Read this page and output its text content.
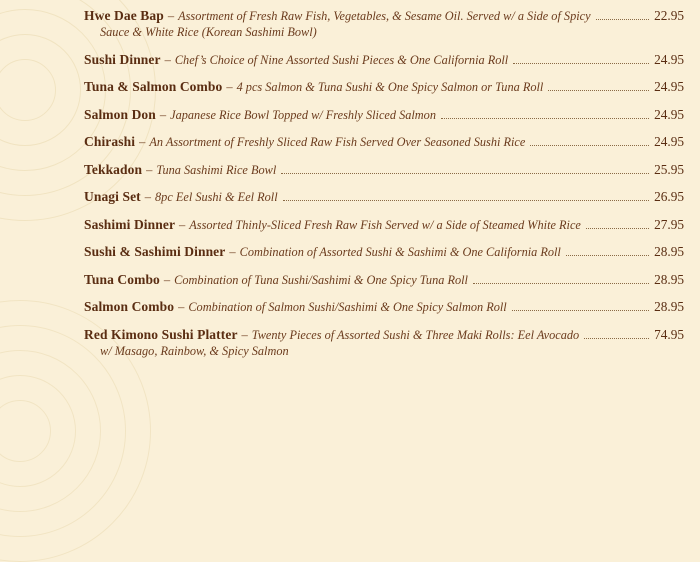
Hwe Dae Bap – Assortment of Fresh Raw Fish, Vegetables, & Sesame Oil. Served w/ a Side of Spicy	22.95
Sauce & White Rice (Korean Sashimi Bowl)
Sushi Dinner – Chef’s Choice of Nine Assorted Sushi Pieces & One California Roll	24.95
Tuna & Salmon Combo – 4 pcs Salmon & Tuna Sushi & One Spicy Salmon or Tuna Roll	24.95
Salmon Don – Japanese Rice Bowl Topped w/ Freshly Sliced Salmon	24.95
Chirashi – An Assortment of Freshly Sliced Raw Fish Served Over Seasoned Sushi Rice	24.95
Tekkadon – Tuna Sashimi Rice Bowl	25.95
Unagi Set – 8pc Eel Sushi & Eel Roll	26.95
Sashimi Dinner – Assorted Thinly-Sliced Fresh Raw Fish Served w/ a Side of Steamed White Rice	27.95
Sushi & Sashimi Dinner – Combination of Assorted Sushi & Sashimi & One California Roll	28.95
Tuna Combo – Combination of Tuna Sushi/Sashimi & One Spicy Tuna Roll	28.95
Salmon Combo – Combination of Salmon Sushi/Sashimi & One Spicy Salmon Roll	28.95
Red Kimono Sushi Platter – Twenty Pieces of Assorted Sushi & Three Maki Rolls: Eel Avocado	74.95
w/ Masago, Rainbow, & Spicy Salmon
